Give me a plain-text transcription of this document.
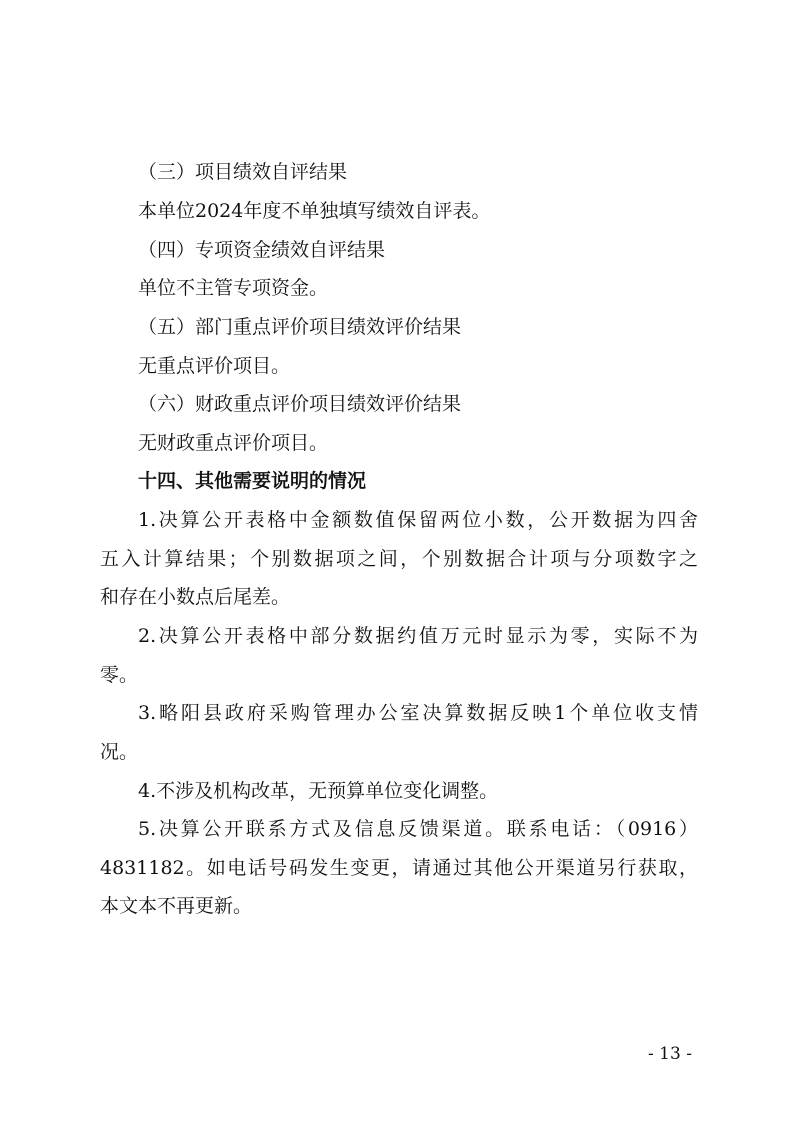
（三）项目绩效自评结果
本单位2024年度不单独填写绩效自评表。
（四）专项资金绩效自评结果
单位不主管专项资金。
（五）部门重点评价项目绩效评价结果
无重点评价项目。
（六）财政重点评价项目绩效评价结果
无财政重点评价项目。
十四、其他需要说明的情况
1.决算公开表格中金额数值保留两位小数，公开数据为四舍
五入计算结果；个别数据项之间，个别数据合计项与分项数字之
和存在小数点后尾差。
2.决算公开表格中部分数据约值万元时显示为零，实际不为
零。
3.略阳县政府采购管理办公室决算数据反映1个单位收支情
况。
4.不涉及机构改革，无预算单位变化调整。
5.决算公开联系方式及信息反馈渠道。联系电话：（0916）
4831182。如电话号码发生变更，请通过其他公开渠道另行获取，
本文本不再更新。
- 13 -
